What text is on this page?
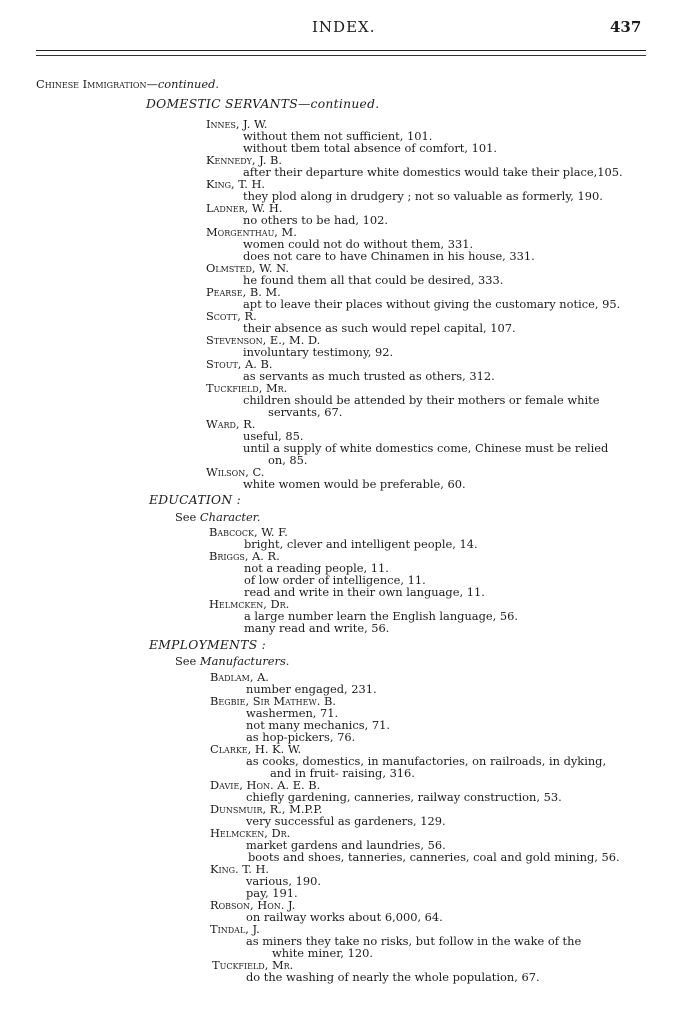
INDEX.	437
Chinese Immigration—continued.
DOMESTIC SERVANTS—continued.
Innes, J. W.
without them not sufficient, 101.
without tbem total absence of comfort, 101.
Kennedy, J. B.
after their departure white domestics would take their place,105.
King, T. H.
they plod along in drudgery ; not so valuable as formerly, 190.
Ladner, W. H.
no others to be had, 102.
Morgenthau, M.
women could not do without them, 331.
does not care to have Chinamen in his house, 331.
Olmsted, W. N.
he found them all that could be desired, 333.
Pearse, B. M.
apt to leave their places without giving the customary notice, 95.
Scott, R.
their absence as such would repel capital, 107.
Stevenson, E., M. D.
involuntary testimony, 92.
Stout, A. B.
as servants as much trusted as others, 312.
Tuckfield, Mr.
children should be attended by their mothers or female white
servants, 67.
Ward, R.
useful, 85.
until a supply of white domestics come, Chinese must be relied
on, 85.
Wilson, C.
white women would be preferable, 60.
EDUCATION :
See Character.
Babcock, W. F.
bright, clever and intelligent people, 14.
Briggs, A. R.
not a reading people, 11.
of low order of intelligence, 11.
read and write in their own language, 11.
Helmcken, Dr.
a large number learn the English language, 56.
many read and write, 56.
EMPLOYMENTS :
See Manufacturers.
Badlam, A.
number engaged, 231.
Begbie, Sir Mathew. B.
washermen, 71.
not many mechanics, 71.
as hop-pickers, 76.
Clarke, H. K. W.
as cooks, domestics, in manufactories, on railroads, in dyking,
and in fruit- raising, 316.
Davie, Hon. A. E. B.
chiefly gardening, canneries, railway construction, 53.
Dunsmuir, R., M.P.P.
very successful as gardeners, 129.
Helmcken, Dr.
market gardens and laundries, 56.
boots and shoes, tanneries, canneries, coal and gold mining, 56.
King. T. H.
various, 190.
pay, 191.
Robson, Hon. J.
on railway works about 6,000, 64.
Tindal, J.
as miners they take no risks, but follow in the wake of the
white miner, 120.
Tuckfield, Mr.
do the washing of nearly the whole population, 67.
